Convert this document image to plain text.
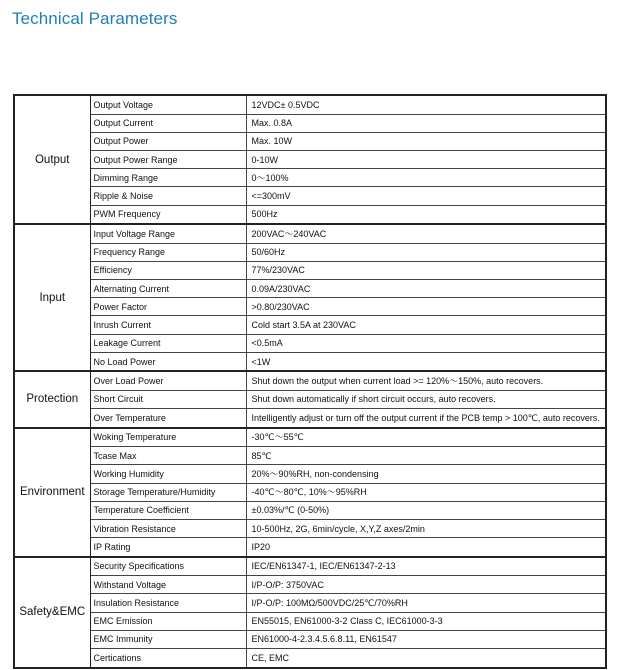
Technical Parameters
Output	Output Voltage	12VDC± 0.5VDC
	Output Current	Max. 0.8A
	Output Power	Max. 10W
	Output Power Range	0-10W
	Dimming Range	0～100%
	Ripple & Noise	<=300mV
	PWM Frequency	500Hz
Input	Input Voltage Range	200VAC～240VAC
	Frequency Range	50/60Hz
	Efficiency	77%/230VAC
	Alternating Current	0.09A/230VAC
	Power Factor	>0.80/230VAC
	Inrush Current	Cold start 3.5A at 230VAC
	Leakage Current	<0.5mA
	No Load Power	<1W
Protection	Over Load Power	Shut down the output when current load >= 120%～150%, auto recovers.
	Short Circuit	Shut down automatically if short circuit occurs, auto recovers.
	Over Temperature	Intelligently adjust or turn off the output current if the PCB temp > 100℃, auto recovers.
Environment	Woking Temperature	-30℃～55℃
	Tcase Max	85℃
	Working Humidity	20%～90%RH, non-condensing
	Storage Temperature/Humidity	-40℃～80℃, 10%～95%RH
	Temperature Coefficient	±0.03%/℃ (0-50%)
	Vibration Resistance	10-500Hz, 2G, 6min/cycle, X,Y,Z axes/2min
	IP Rating	IP20
Safety&EMC	Security Specifications	IEC/EN61347-1, IEC/EN61347-2-13
	Withstand Voltage	I/P-O/P: 3750VAC
	Insulation Resistance	I/P-O/P: 100MΩ/500VDC/25℃/70%RH
	EMC Emission	EN55015, EN61000-3-2 Class C, IEC61000-3-3
	EMC Immunity	EN61000-4-2.3.4.5.6.8.11, EN61547
	Certications	CE, EMC
